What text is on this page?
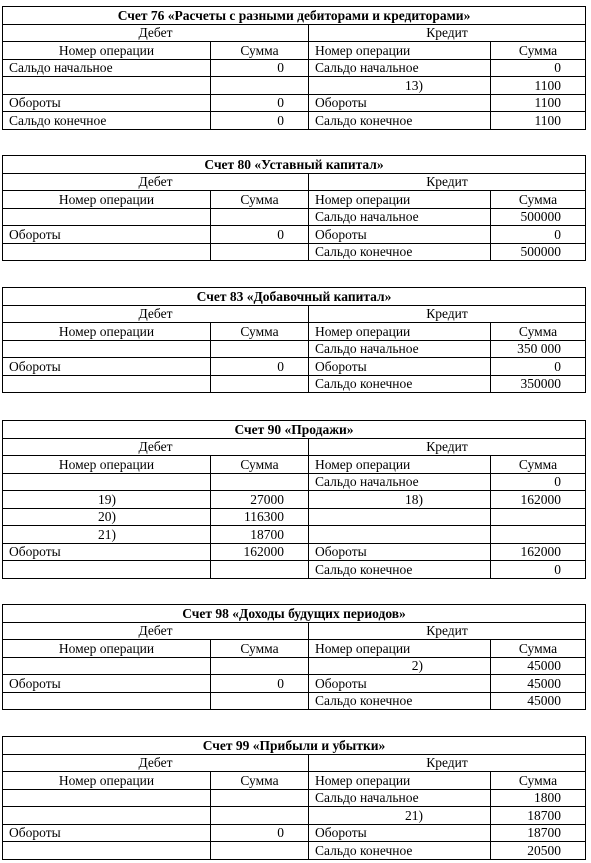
Счет 76 «Расчеты с разными дебиторами и кредиторами»			
Дебет		Кредит	
Номер операции	Сумма	Номер операции	Сумма
Сальдо начальное	0	Сальдо начальное	0
		13)	1100
Обороты	0	Обороты	1100
Сальдо конечное	0	Сальдо конечное	1100
Счет 80 «Уставный капитал»			
Дебет		Кредит	
Номер операции	Сумма	Номер операции	Сумма
		Сальдо начальное	500000
Обороты	0	Обороты	0
		Сальдо конечное	500000
Счет 83 «Добавочный капитал»			
Дебет		Кредит	
Номер операции	Сумма	Номер операции	Сумма
		Сальдо начальное	350 000
Обороты	0	Обороты	0
		Сальдо конечное	350000
Счет 90 «Продажи»			
Дебет		Кредит	
Номер операции	Сумма	Номер операции	Сумма
		Сальдо начальное	0
19)	27000	18)	162000
20)	116300		
21)	18700		
Обороты	162000	Обороты	162000
		Сальдо конечное	0
Счет 98 «Доходы будущих периодов»			
Дебет		Кредит	
Номер операции	Сумма	Номер операции	Сумма
		2)	45000
Обороты	0	Обороты	45000
		Сальдо конечное	45000
Счет 99 «Прибыли и убытки»			
Дебет		Кредит	
Номер операции	Сумма	Номер операции	Сумма
		Сальдо начальное	1800
		21)	18700
Обороты	0	Обороты	18700
		Сальдо конечное	20500
